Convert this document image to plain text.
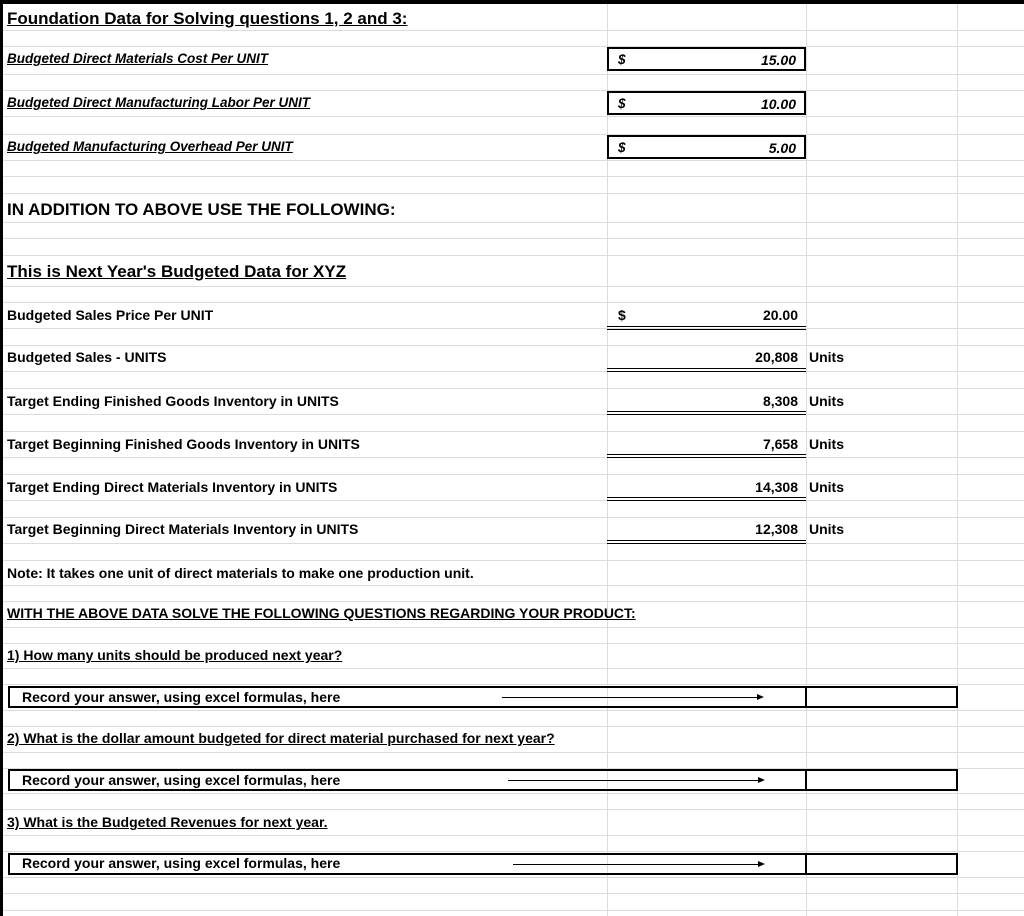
Foundation Data for Solving questions 1, 2 and 3:
Budgeted Direct Materials Cost Per UNIT	$	15.00
Budgeted Direct Manufacturing Labor Per UNIT	$	10.00
Budgeted Manufacturing Overhead Per UNIT	$	5.00
IN ADDITION TO ABOVE USE THE FOLLOWING:
This is Next Year's Budgeted Data for XYZ
Budgeted Sales Price Per UNIT	$	20.00
Budgeted Sales - UNITS	20,808 Units
Target Ending Finished Goods Inventory in UNITS	8,308 Units
Target Beginning Finished Goods Inventory in UNITS	7,658 Units
Target Ending Direct Materials Inventory in UNITS	14,308 Units
Target Beginning Direct Materials Inventory in UNITS	12,308 Units
Note: It takes one unit of direct materials to make one production unit.
WITH THE ABOVE DATA SOLVE THE FOLLOWING QUESTIONS REGARDING YOUR PRODUCT:
1) How many units should be produced next year?
Record your answer, using excel formulas, here
2) What is the dollar amount budgeted for direct material purchased for next year?
Record your answer, using excel formulas, here
3) What is the Budgeted Revenues for next year.
Record your answer, using excel formulas, here
